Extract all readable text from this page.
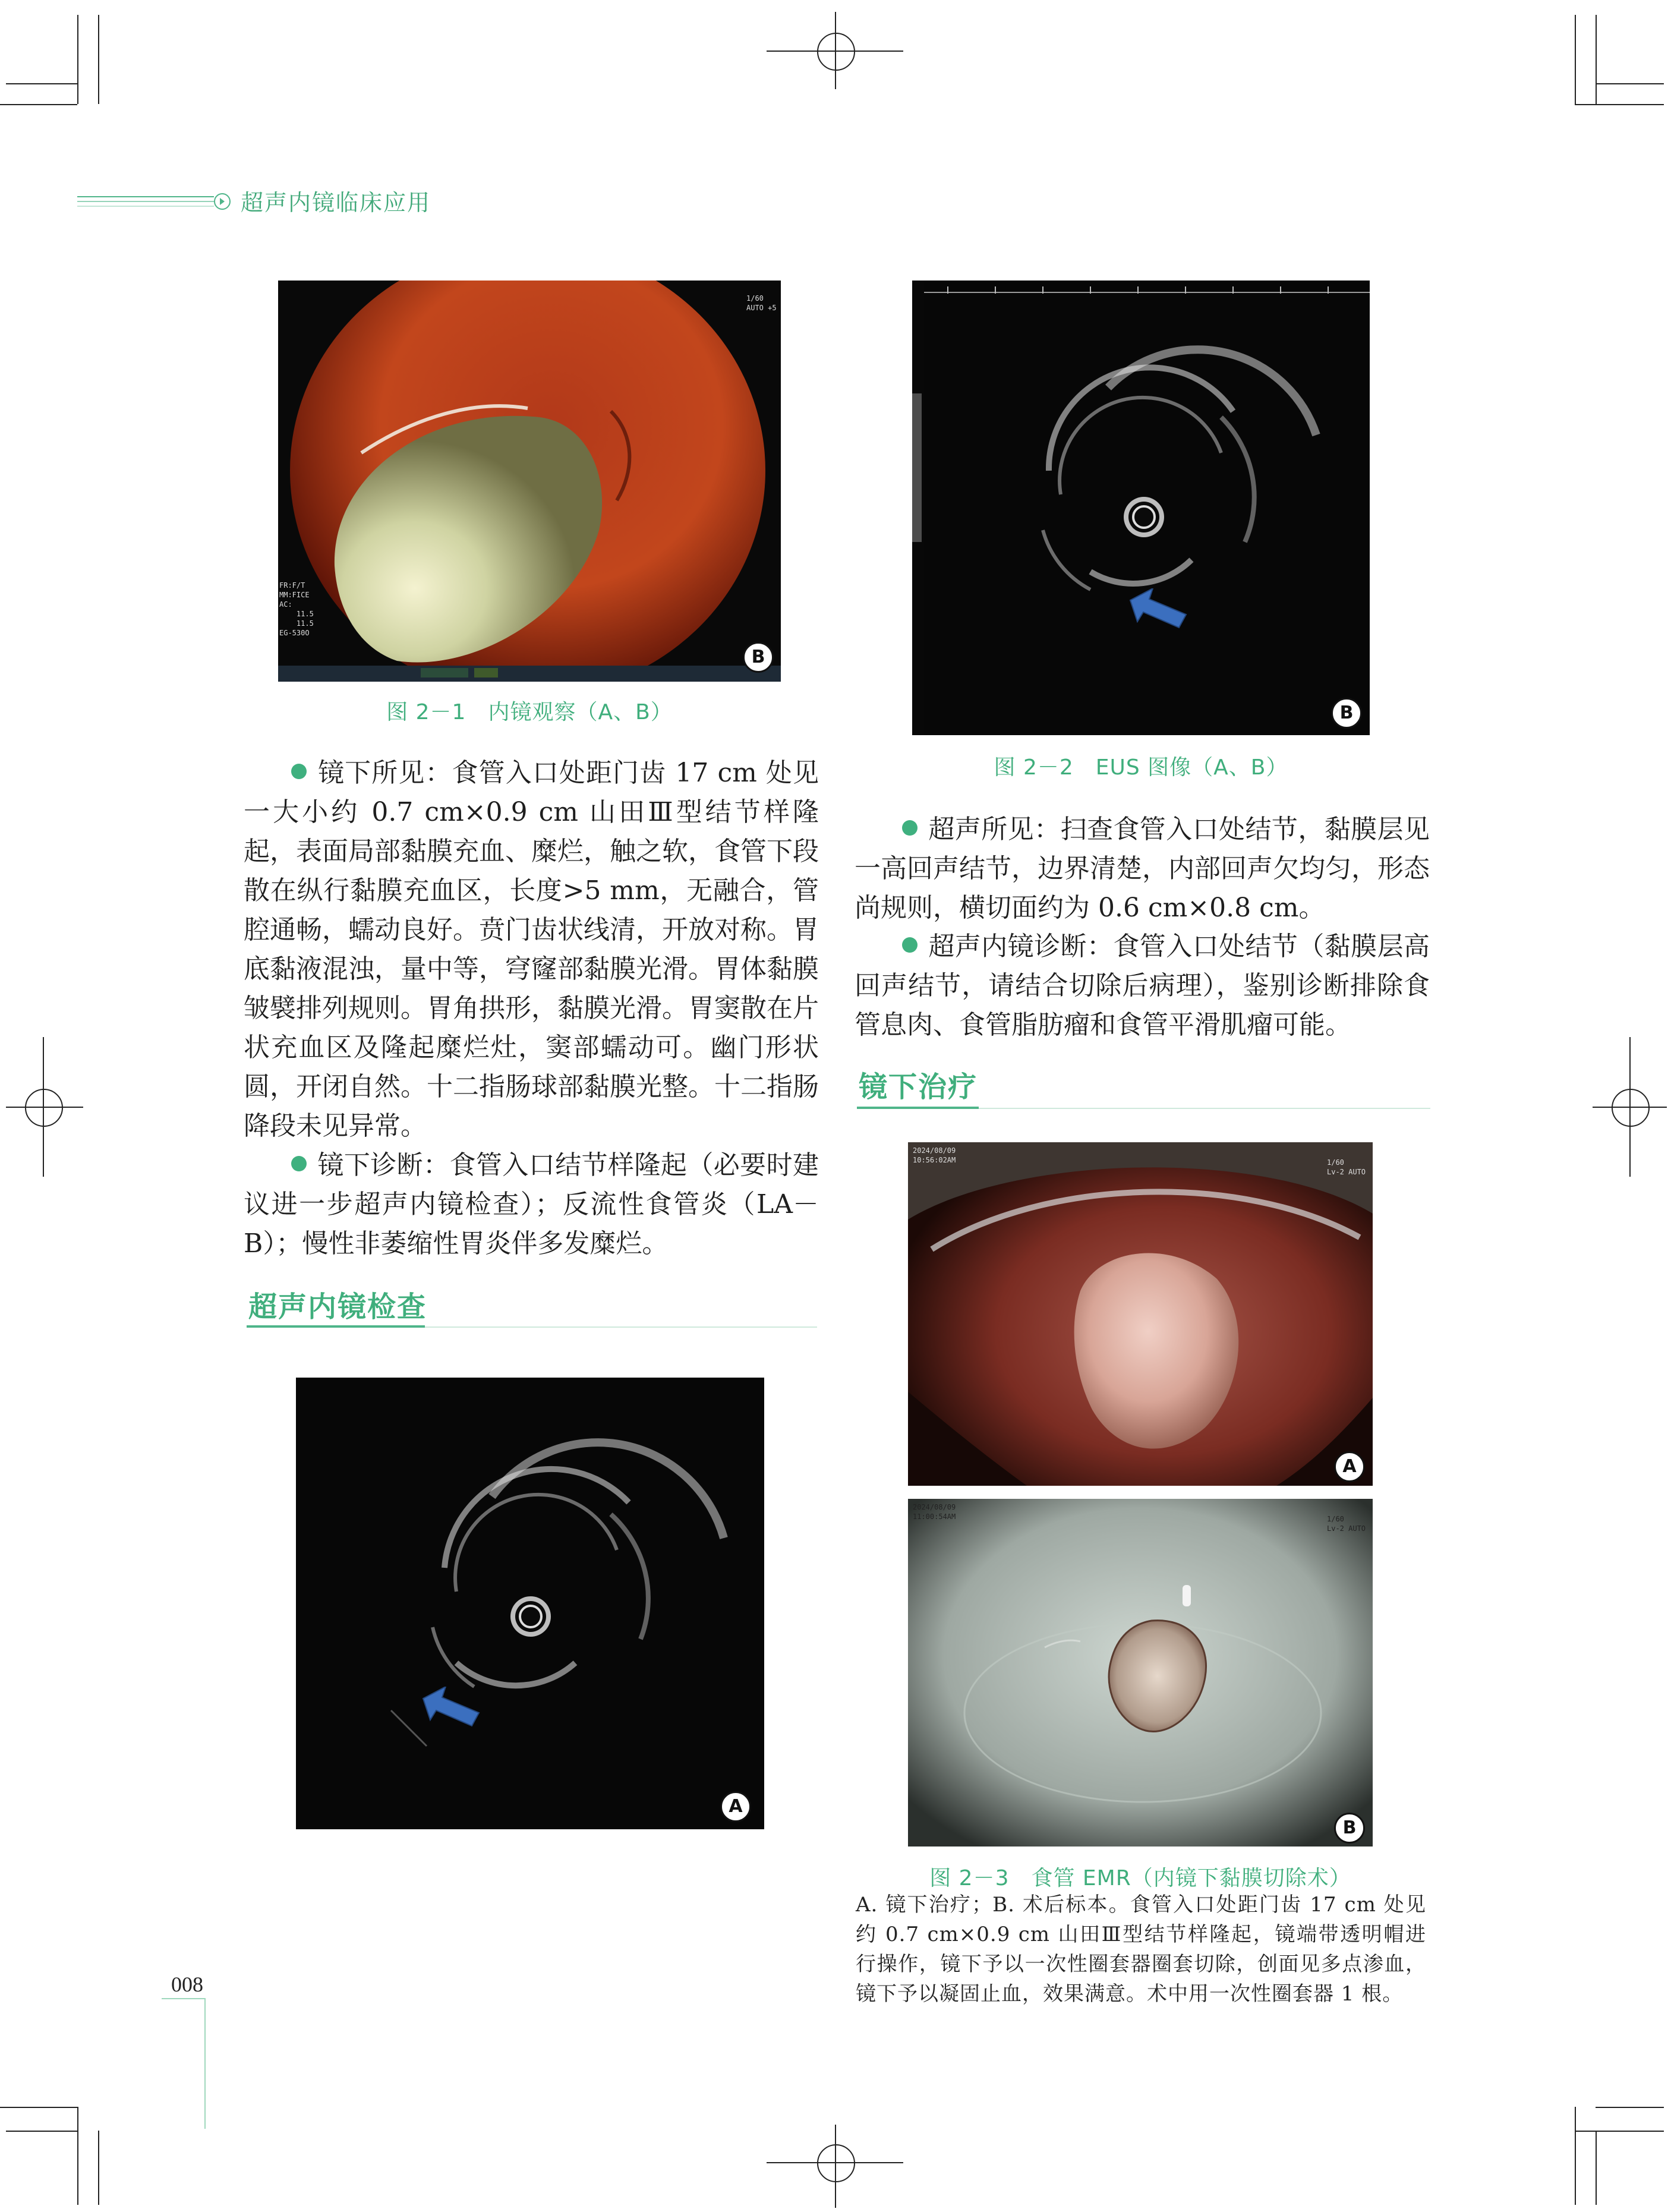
超声内镜临床应用
1/60
AUTO +5
FR:F/T
MM:FICE
AC:
11.5
11.5
EG-530O
B
图 2－1　内镜观察（A、B）	B
图 2－2　EUS 图像（A、B）
镜下所见：食管入口处距门齿 17 cm 处见一大小约 0.7 cm×0.9 cm 山田Ⅲ型结节样隆起，表面局部黏膜充血、糜烂，触之软，食管下段散在纵行黏膜充血区，长度>5 mm，无融合，管腔通畅，蠕动良好。贲门齿状线清，开放对称。胃底黏液混浊，量中等，穹窿部黏膜光滑。胃体黏膜皱襞排列规则。胃角拱形，黏膜光滑。胃窦散在片状充血区及隆起糜烂灶，窦部蠕动可。幽门形状圆，开闭自然。十二指肠球部黏膜光整。十二指肠降段未见异常。
镜下诊断：食管入口结节样隆起（必要时建议进一步超声内镜检查）；反流性食管炎（LA－B）；慢性非萎缩性胃炎伴多发糜烂。
超声内镜检查
A
超声所见：扫查食管入口处结节，黏膜层见一高回声结节，边界清楚，内部回声欠均匀，形态尚规则，横切面约为 0.6 cm×0.8 cm。
超声内镜诊断：食管入口处结节（黏膜层高回声结节，请结合切除后病理），鉴别诊断排除食管息肉、食管脂肪瘤和食管平滑肌瘤可能。
镜下治疗
2024/08/09
10:56:02AM	1/60
Lv-2 AUTO
A
2024/08/09
11:00:54AM	1/60
Lv-2 AUTO
B
图 2－3　食管 EMR（内镜下黏膜切除术）
A. 镜下治疗；B. 术后标本。食管入口处距门齿 17 cm 处见约 0.7 cm×0.9 cm 山田Ⅲ型结节样隆起，镜端带透明帽进行操作，镜下予以一次性圈套器圈套切除，创面见多点渗血，镜下予以凝固止血，效果满意。术中用一次性圈套器 1 根。
008
